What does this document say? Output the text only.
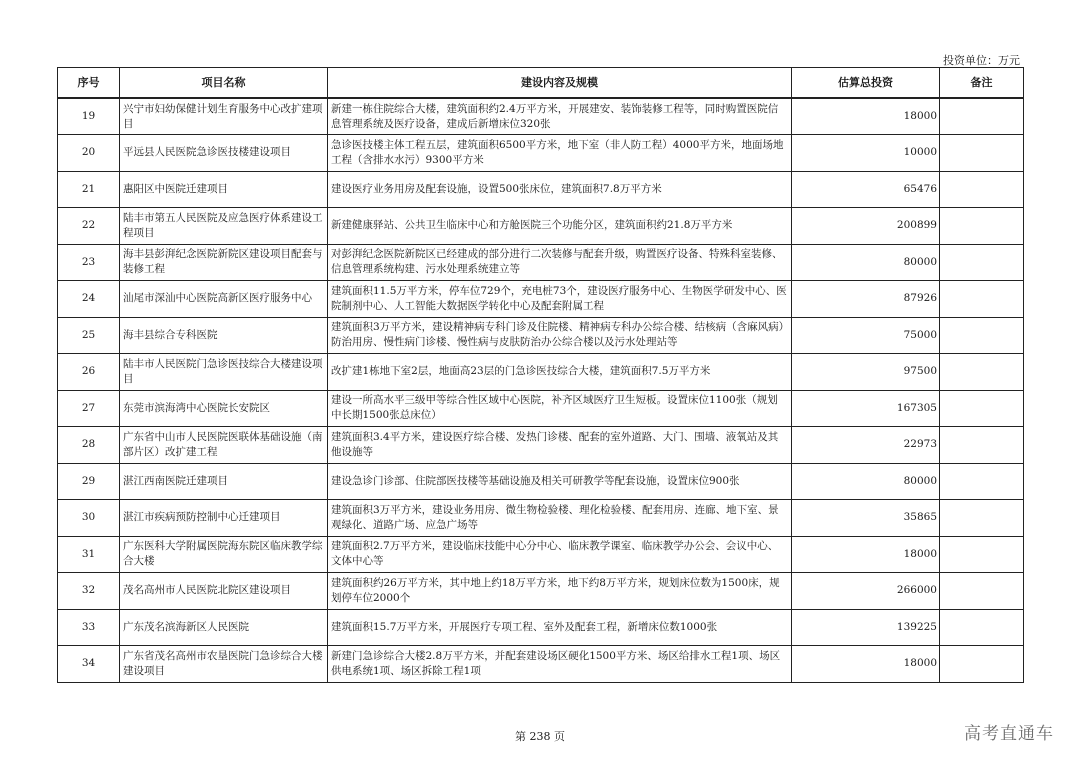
投资单位：万元
序号	项目名称	建设内容及规模	估算总投资	备注
19	兴宁市妇幼保健计划生育服务中心改扩建项目	新建一栋住院综合大楼，建筑面积约2.4万平方米，开展建安、装饰装修工程等，同时购置医院信息管理系统及医疗设备，建成后新增床位320张	18000	
20	平远县人民医院急诊医技楼建设项目	急诊医技楼主体工程五层，建筑面积6500平方米，地下室（非人防工程）4000平方米，地面场地工程（含排水水污）9300平方米	10000	
21	惠阳区中医院迁建项目	建设医疗业务用房及配套设施，设置500张床位，建筑面积7.8万平方米	65476	
22	陆丰市第五人民医院及应急医疗体系建设工程项目	新建健康驿站、公共卫生临床中心和方舱医院三个功能分区，建筑面积约21.8万平方米	200899	
23	海丰县彭湃纪念医院新院区建设项目配套与装修工程	对彭湃纪念医院新院区已经建成的部分进行二次装修与配套升级，购置医疗设备、特殊科室装修、信息管理系统构建、污水处理系统建立等	80000	
24	汕尾市深汕中心医院高新区医疗服务中心	建筑面积11.5万平方米，停车位729个，充电桩73个，建设医疗服务中心、生物医学研发中心、医院制剂中心、人工智能大数据医学转化中心及配套附属工程	87926	
25	海丰县综合专科医院	建筑面积3万平方米，建设精神病专科门诊及住院楼、精神病专科办公综合楼、结核病（含麻风病）防治用房、慢性病门诊楼、慢性病与皮肤防治办公综合楼以及污水处理站等	75000	
26	陆丰市人民医院门急诊医技综合大楼建设项目	改扩建1栋地下室2层，地面高23层的门急诊医技综合大楼，建筑面积7.5万平方米	97500	
27	东莞市滨海湾中心医院长安院区	建设一所高水平三级甲等综合性区域中心医院，补齐区域医疗卫生短板。设置床位1100张（规划中长期1500张总床位）	167305	
28	广东省中山市人民医院医联体基础设施（南部片区）改扩建工程	建筑面积3.4平方米，建设医疗综合楼、发热门诊楼、配套的室外道路、大门、围墙、液氧站及其他设施等	22973	
29	湛江西南医院迁建项目	建设急诊门诊部、住院部医技楼等基础设施及相关可研教学等配套设施，设置床位900张	80000	
30	湛江市疾病预防控制中心迁建项目	建筑面积3万平方米，建设业务用房、微生物检验楼、理化检验楼、配套用房、连廊、地下室、景观绿化、道路广场、应急广场等	35865	
31	广东医科大学附属医院海东院区临床教学综合大楼	建筑面积2.7万平方米，建设临床技能中心分中心、临床教学课室、临床教学办公会、会议中心、文体中心等	18000	
32	茂名高州市人民医院北院区建设项目	建筑面积约26万平方米，其中地上约18万平方米，地下约8万平方米，规划床位数为1500床，规划停车位2000个	266000	
33	广东茂名滨海新区人民医院	建筑面积15.7万平方米，开展医疗专项工程、室外及配套工程，新增床位数1000张	139225	
34	广东省茂名高州市农垦医院门急诊综合大楼建设项目	新建门急诊综合大楼2.8万平方米，并配套建设场区硬化1500平方米、场区给排水工程1项、场区供电系统1项、场区拆除工程1项	18000	
第 238 页	高考直通车
